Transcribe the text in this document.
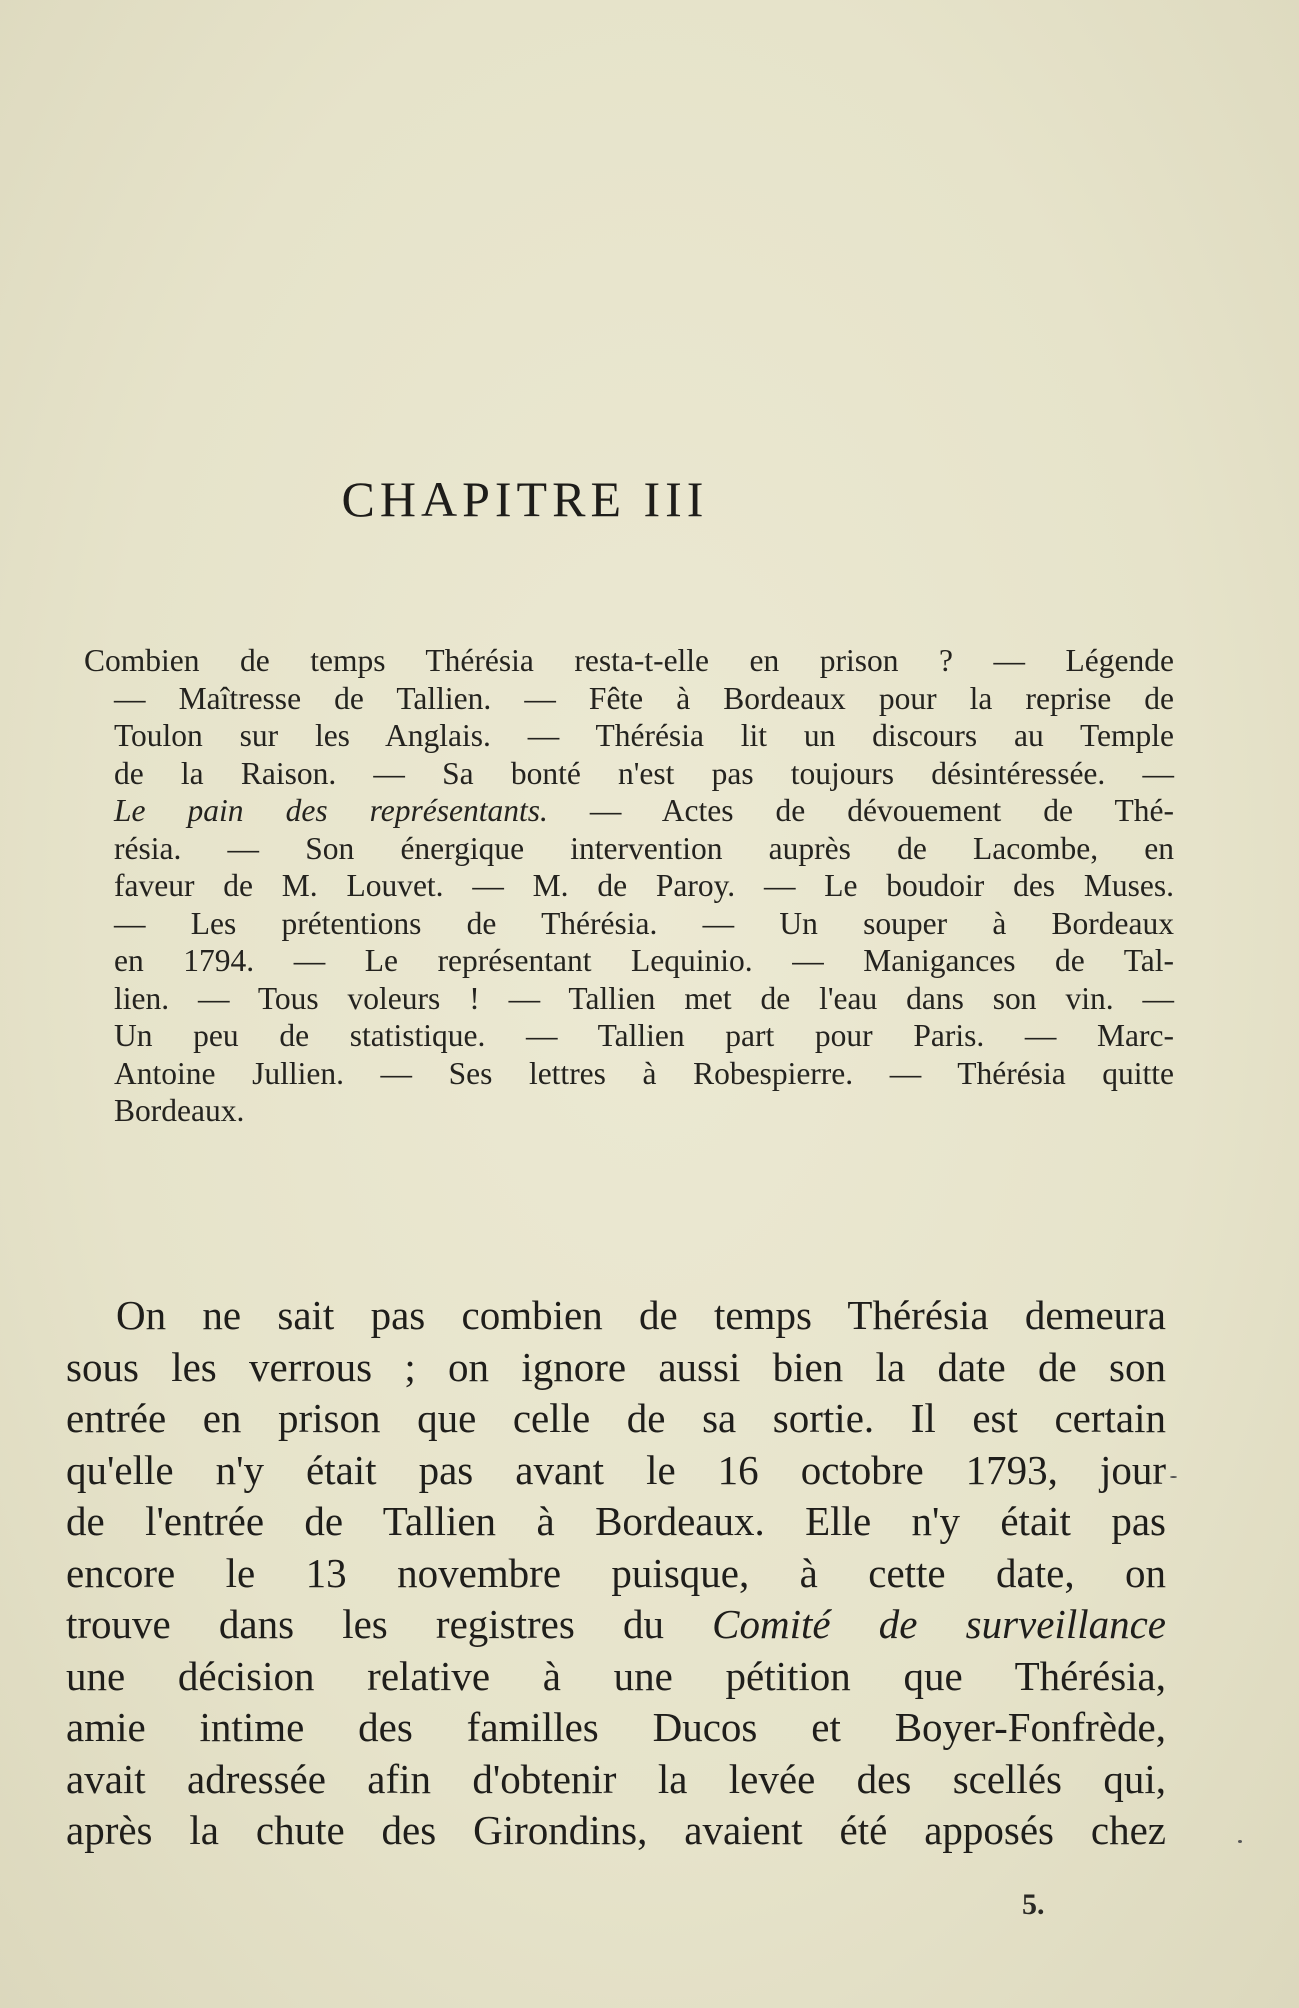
CHAPITRE III
Combien de temps Thérésia resta-t-elle en prison ? — Légende
— Maîtresse de Tallien. — Fête à Bordeaux pour la reprise de
Toulon sur les Anglais. — Thérésia lit un discours au Temple
de la Raison. — Sa bonté n'est pas toujours désintéressée. —
Le pain des représentants. — Actes de dévouement de Thé-
résia. — Son énergique intervention auprès de Lacombe, en
faveur de M. Louvet. — M. de Paroy. — Le boudoir des Muses.
— Les prétentions de Thérésia. — Un souper à Bordeaux
en 1794. — Le représentant Lequinio. — Manigances de Tal-
lien. — Tous voleurs ! — Tallien met de l'eau dans son vin. —
Un peu de statistique. — Tallien part pour Paris. — Marc-
Antoine Jullien. — Ses lettres à Robespierre. — Thérésia quitte
Bordeaux.
On ne sait pas combien de temps Thérésia demeura
sous les verrous ; on ignore aussi bien la date de son
entrée en prison que celle de sa sortie. Il est certain
qu'elle n'y était pas avant le 16 octobre 1793, jour
de l'entrée de Tallien à Bordeaux. Elle n'y était pas
encore le 13 novembre puisque, à cette date, on
trouve dans les registres du Comité de surveillance
une décision relative à une pétition que Thérésia,
amie intime des familles Ducos et Boyer-Fonfrède,
avait adressée afin d'obtenir la levée des scellés qui,
après la chute des Girondins, avaient été apposés chez
5.
